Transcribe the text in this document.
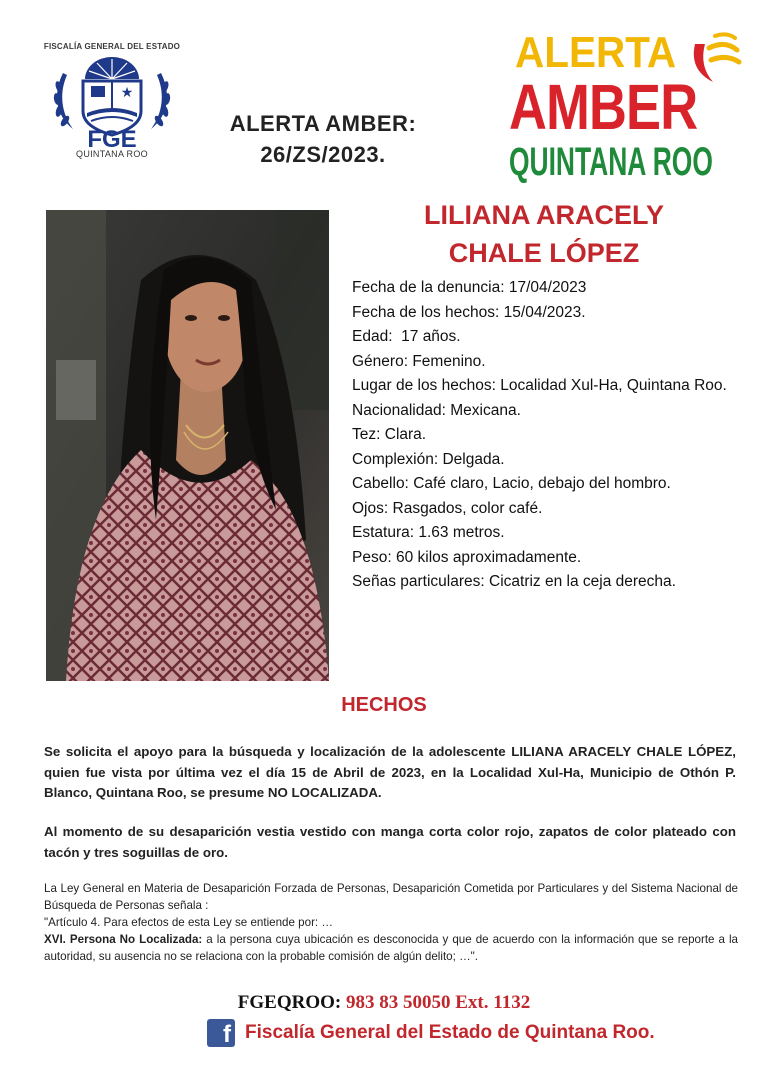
FISCALÍA GENERAL DEL ESTADO
★
FGE
QUINTANA ROO
ALERTA AMBER:
26/ZS/2023.
ALERTA
AMBER
QUINTANA ROO
LILIANA ARACELY
CHALE LÓPEZ

Fecha de la denuncia: 17/04/2023

Fecha de los hechos: 15/04/2023.

Edad: 17 años.

Género: Femenino.

Lugar de los hechos: Localidad Xul-Ha, Quintana Roo.

Nacionalidad: Mexicana.

Tez: Clara.

Complexión: Delgada.

Cabello: Café claro, Lacio, debajo del hombro.

Ojos: Rasgados, color café.

Estatura: 1.63 metros.

Peso: 60 kilos aproximadamente.

Señas particulares: Cicatriz en la ceja derecha.

HECHOS
Se solicita el apoyo para la búsqueda y localización de la adolescente LILIANA ARACELY CHALE LÓPEZ, quien fue vista por última vez el día 15 de Abril de 2023, en la Localidad Xul-Ha, Municipio de Othón P. Blanco, Quintana Roo, se presume NO LOCALIZADA.
Al momento de su desaparición vestia vestido con manga corta color rojo, zapatos de color plateado con tacón y tres soguillas de oro.

La Ley General en Materia de Desaparición Forzada de Personas, Desaparición Cometida por Particulares y del Sistema Nacional de Búsqueda de Personas señala :

"Artículo 4. Para efectos de esta Ley se entiende por: …

XVI. Persona No Localizada: a la persona cuya ubicación es desconocida y que de acuerdo con la información que se reporte a la autoridad, su ausencia no se relaciona con la probable comisión de algún delito; …".

FGEQROO: 983 83 50050 Ext. 1132
f Fiscalía General del Estado de Quintana Roo.
